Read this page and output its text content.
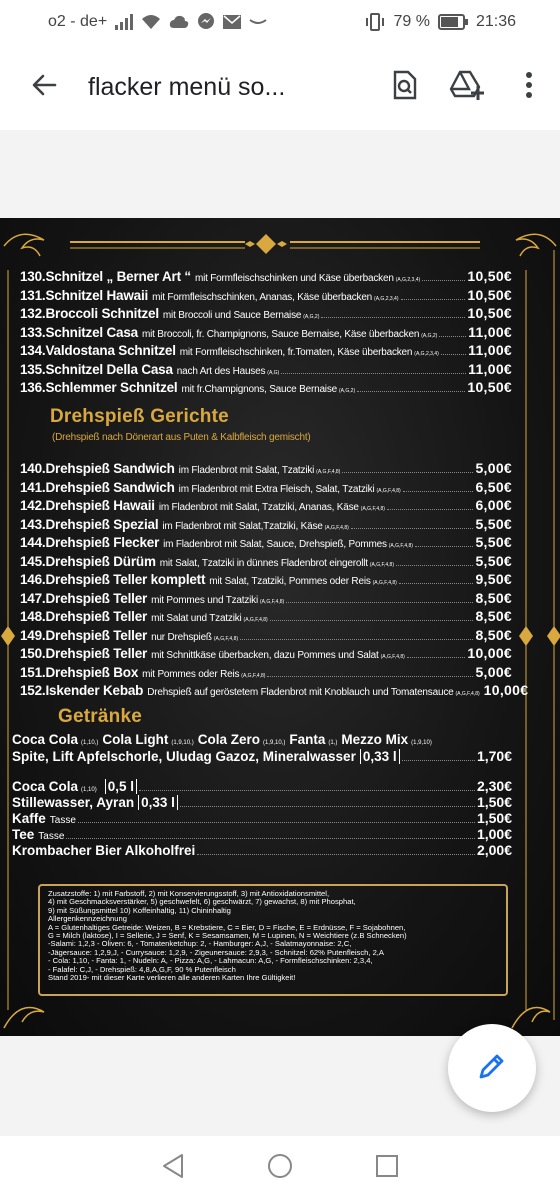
o2 - de+	79 %	21:36
flacker menü so...
130.Schnitzel „ Berner Art “ mit Formfleischschinken und Käse überbacken (A,G,2,3,4)	10,50€
131.Schnitzel Hawaii mit Formfleischschinken, Ananas, Käse überbacken (A,G,2,3,4)	10,50€
132.Broccoli Schnitzel mit Broccoli und Sauce Bernaise (A,G,2)	10,50€
133.Schnitzel Casa mit Broccoli, fr. Champignons, Sauce Bernaise, Käse überbacken (A,G,2) 11,00€
134.Valdostana Schnitzel mit Formfleischschinken, fr.Tomaten, Käse überbacken (A,G,2,3,4) 11,00€
135.Schnitzel Della Casa nach Art des Hauses (A,G)	11,00€
136.Schlemmer Schnitzel mit fr.Champignons, Sauce Bernaise (A,G,2)	10,50€
Drehspieß Gerichte
(Drehspieß nach Dönerart aus Puten & Kalbfleisch gemischt)
140.Drehspieß Sandwich im Fladenbrot mit Salat, Tzatziki (A,G,F,4,8)	5,00€
141.Drehspieß Sandwich im Fladenbrot mit Extra Fleisch, Salat, Tzatziki (A,G,F,4,8)	6,50€
142.Drehspieß Hawaii im Fladenbrot mit Salat, Tzatziki, Ananas, Käse (A,G,F,4,8)	6,00€
143.Drehspieß Spezial im Fladenbrot mit Salat,Tzatziki, Käse (A,G,F,4,8)	5,50€
144.Drehspieß Flecker im Fladenbrot mit Salat, Sauce, Drehspieß, Pommes (A,G,F,4,8)	5,50€
145.Drehspieß Dürüm mit Salat, Tzatziki in dünnes Fladenbrot eingerollt (A,G,F,4,8)	5,50€
146.Drehspieß Teller komplett mit Salat, Tzatziki, Pommes oder Reis (A,G,F,4,8)	9,50€
147.Drehspieß Teller mit Pommes und Tzatziki (A,G,F,4,8)	8,50€
148.Drehspieß Teller mit Salat und Tzatziki (A,G,F,4,8)	8,50€
149.Drehspieß Teller nur Drehspieß (A,G,F,4,8)	8,50€
150.Drehspieß Teller mit Schnittkäse überbacken, dazu Pommes und Salat (A,G,F,4,8)	10,00€
151.Drehspieß Box mit Pommes oder Reis (A,G,F,4,8)	5,00€
152.Iskender Kebab Drehspieß auf geröstetem Fladenbrot mit Knoblauch und Tomatensauce (A,G,F,4,8) 10,00€
Getränke
Coca Cola (1,10,) Cola Light (1,9,10,) Cola Zero (1,9,10,) Fanta (1,) Mezzo Mix (1,9,10)
Spite, Lift Apfelschorle, Uludag Gazoz, Mineralwasser 0,33 l	1,70€
Coca Cola (1,10) 0,5 l	2,30€
Stillewasser, Ayran 0,33 l	1,50€
Kaffe Tasse	1,50€
Tee Tasse	1,00€
Krombacher Bier Alkoholfrei	2,00€
Zusatzstoffe: 1) mit Farbstoff, 2) mit Konservierungsstoff, 3) mit Antioxidationsmittel,
4) mit Geschmacksverstärker, 5) geschwefelt, 6) geschwärzt, 7) gewachst, 8) mit Phosphat,
9) mit Süßungsmittel 10) Koffeinhaltig, 11) Chininhaltig
Allergenkennzeichnung
A = Glutenhaltiges Getreide: Weizen, B = Krebstiere, C = Eier, D = Fische, E = Erdnüsse, F = Sojabohnen,
G = Milch (laktose), I = Sellerie, J = Senf, K = Sesamsamen, M = Lupinen, N = Weichtiere (z.B Schnecken)
-Salami: 1,2,3 - Oliven: 6, - Tomatenketchup: 2, - Hamburger: A,J, - Salatmayonnaise: 2,C,
-Jägersauce: 1,2,9,J, - Currysauce: 1,2,9, - Zigeunersauce: 2,9,3, - Schnitzel: 62% Putenfleisch, 2,A
- Cola: 1,10, - Fanta: 1, - Nudeln: A, - Pizza: A,G, - Lahmacun: A,G, - Formfleischschinken: 2,3,4,
- Falafel: C,J, - Drehspieß: 4,8,A,G,F, 90 % Putenfleisch
Stand 2019- mit dieser Karte verlieren alle anderen Karten Ihre Gültigkeit!
